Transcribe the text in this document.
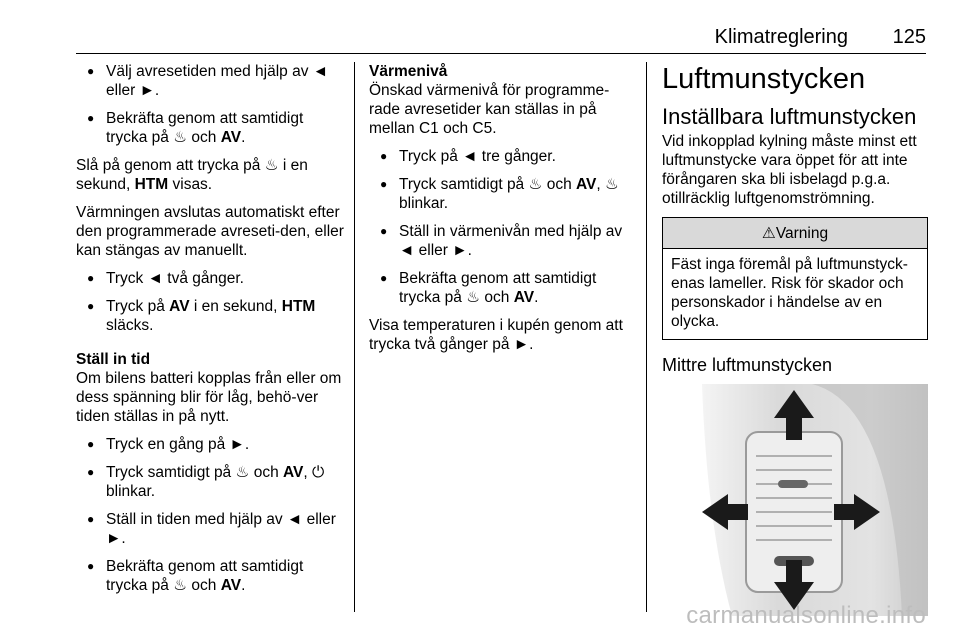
Klimatreglering 125
● Välj avresetiden med hjälp av ◄ eller ►.
● Bekräfta genom att samtidigt trycka på ♨ och AV.

Slå på genom att trycka på ♨ i en sekund, HTM visas.

Värmningen avslutas automatiskt efter den programmerade avreseti‐den, eller kan stängas av manuellt.

● Tryck ◄ två gånger.
● Tryck på AV i en sekund, HTM släcks.
Ställ in tid

Om bilens batteri kopplas från eller om dess spänning blir för låg, behö‐ver tiden ställas in på nytt.

● Tryck en gång på ►.
● Tryck samtidigt på ♨ och AV, ⏻ blinkar.
● Ställ in tiden med hjälp av ◄ eller ►.
● Bekräfta genom att samtidigt trycka på ♨ och AV.
Värmenivå

Önskad värmenivå för programme‐rade avresetider kan ställas in på mellan C1 och C5.

● Tryck på ◄ tre gånger.
● Tryck samtidigt på ♨ och AV, ♨ blinkar.
● Ställ in värmenivån med hjälp av ◄ eller ►.
● Bekräfta genom att samtidigt trycka på ♨ och AV.

Visa temperaturen i kupén genom att trycka två gånger på ►.

Luftmunstycken
Inställbara luftmunstycken

Vid inkopplad kylning måste minst ett luftmunstycke vara öppet för att inte förångaren ska bli isbelagd p.g.a. otillräcklig luftgenomströmning.

⚠Varning
Fäst inga föremål på luftmunstyck‐enas lameller. Risk för skador och personskador i händelse av en olycka.
Mittre luftmunstycken
carmanualsonline.info
